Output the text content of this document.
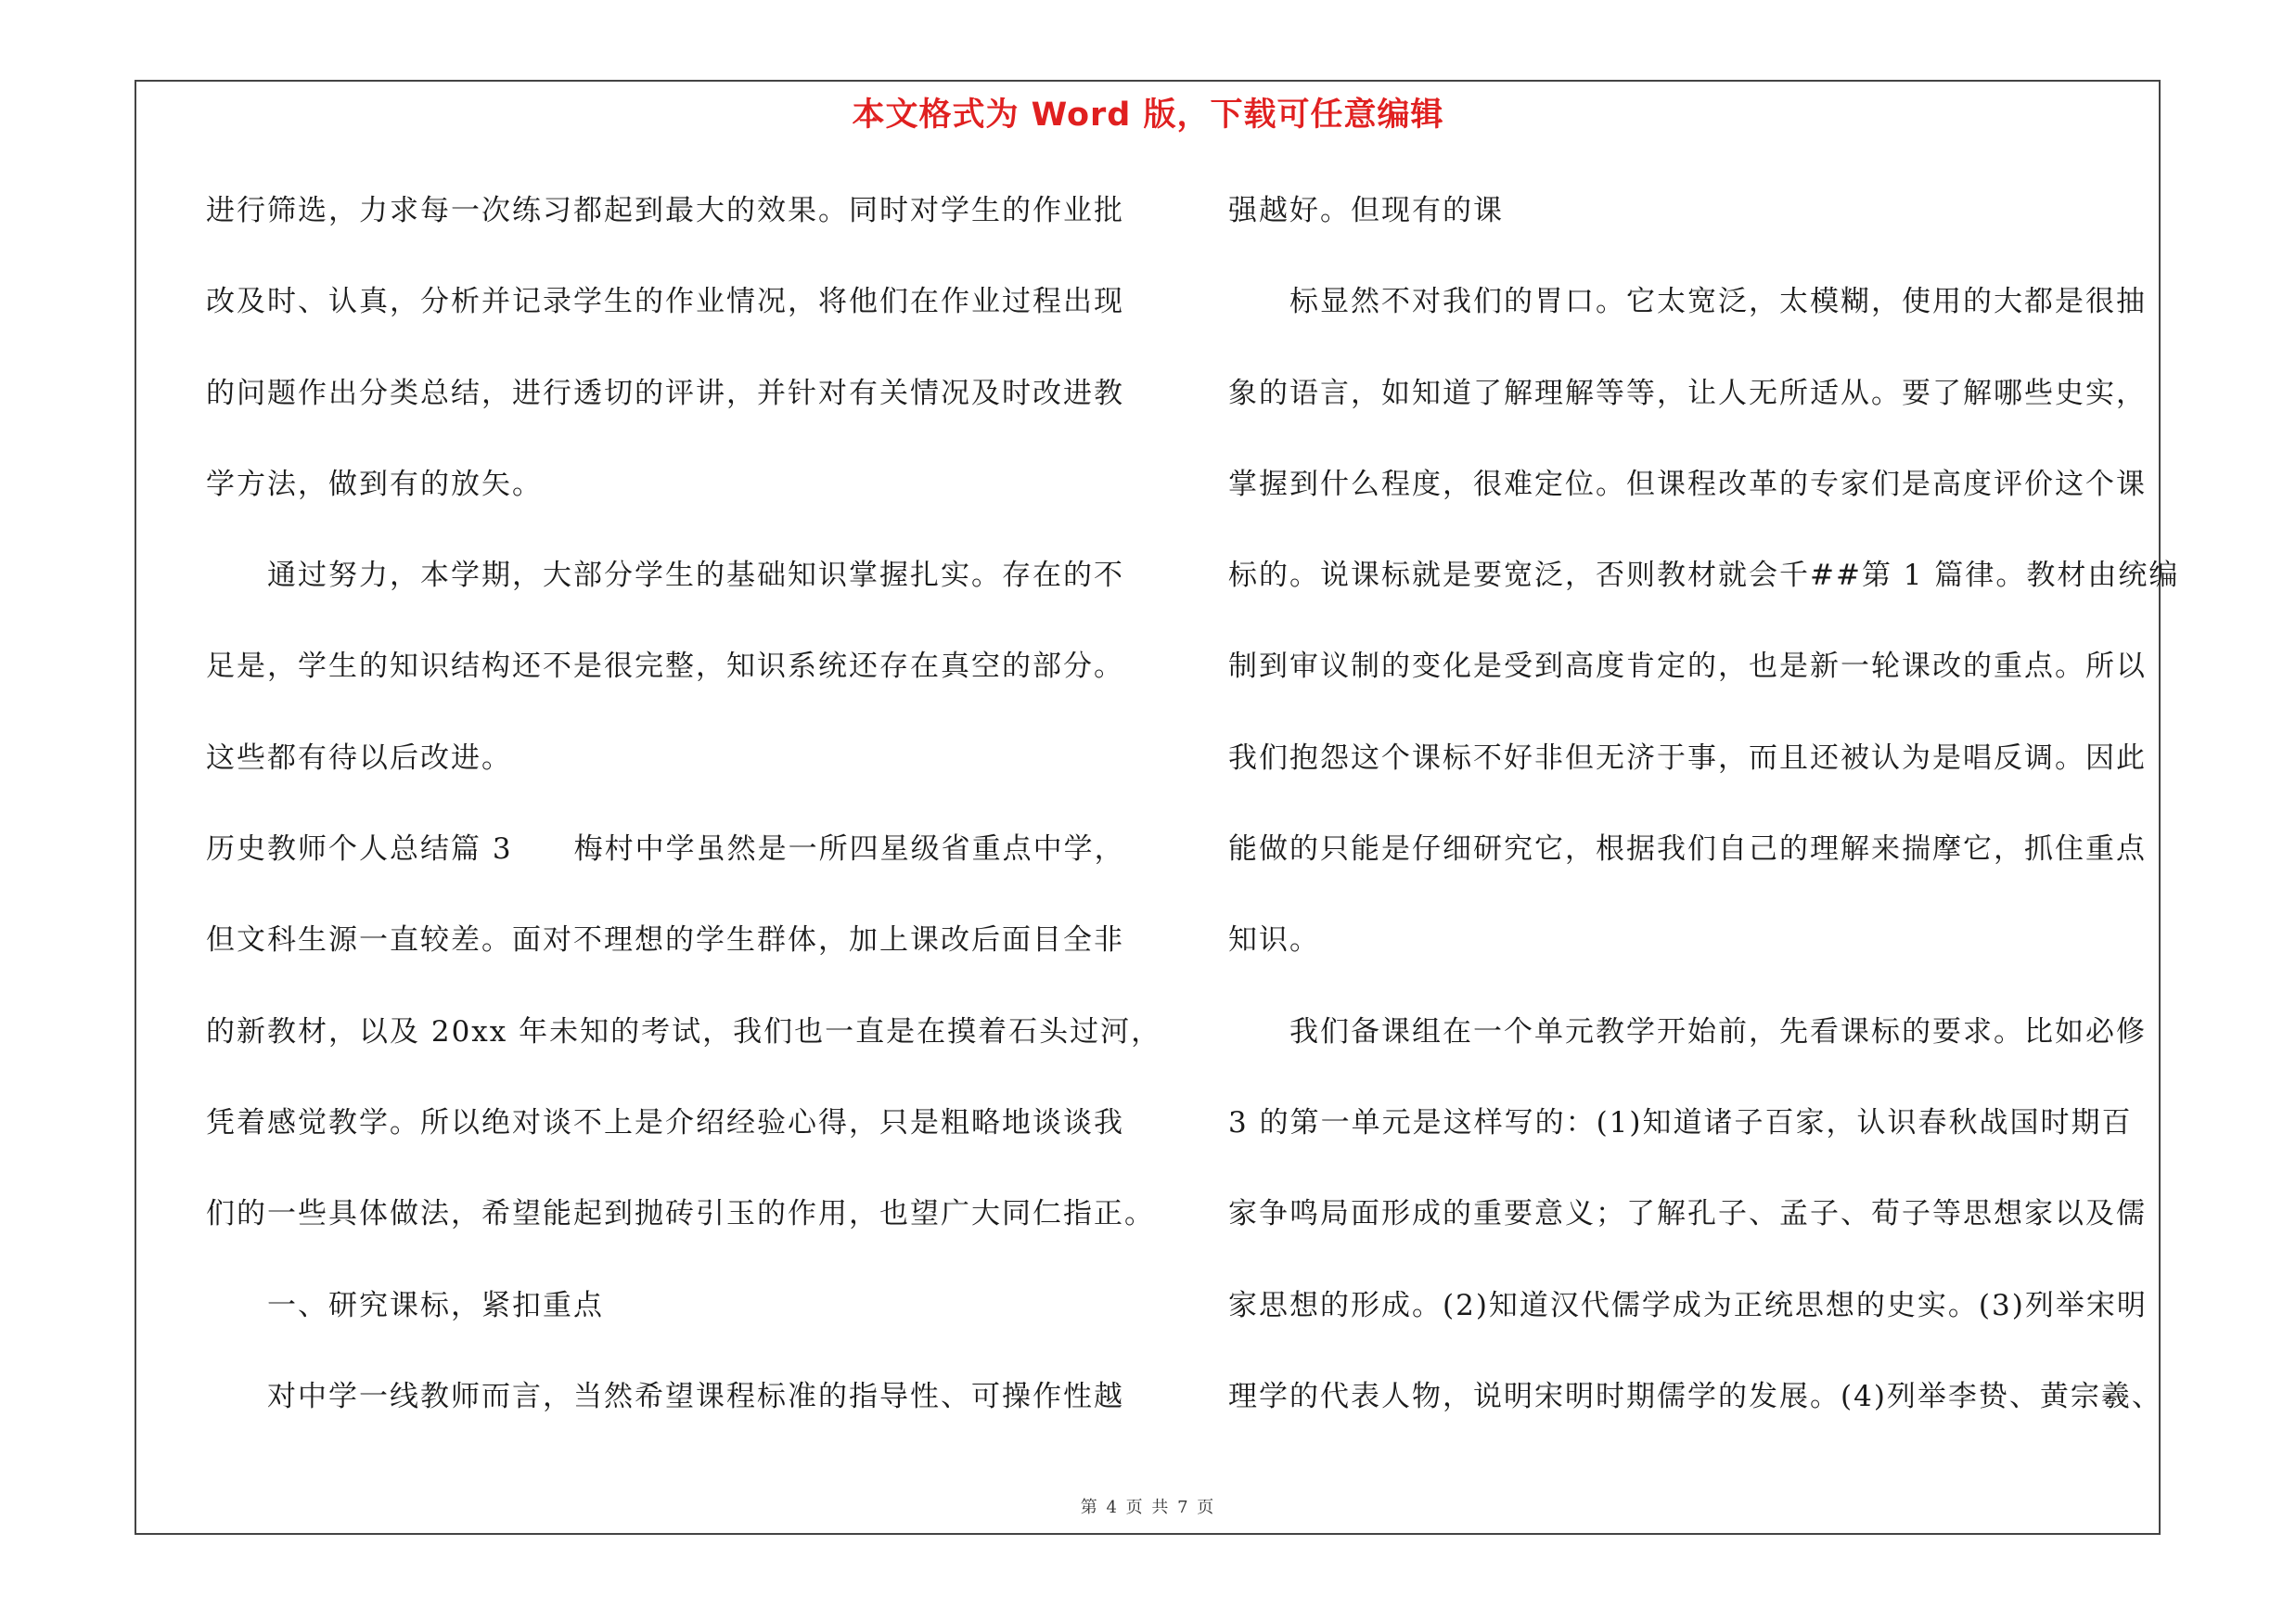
本文格式为 Word 版，下载可任意编辑
进行筛选，力求每一次练习都起到最大的效果。同时对学生的作业批
改及时、认真，分析并记录学生的作业情况，将他们在作业过程出现
的问题作出分类总结，进行透切的评讲，并针对有关情况及时改进教
学方法，做到有的放矢。
通过努力，本学期，大部分学生的基础知识掌握扎实。存在的不
足是，学生的知识结构还不是很完整，知识系统还存在真空的部分。
这些都有待以后改进。
历史教师个人总结篇 3　　梅村中学虽然是一所四星级省重点中学，
但文科生源一直较差。面对不理想的学生群体，加上课改后面目全非
的新教材，以及 20xx 年未知的考试，我们也一直是在摸着石头过河，
凭着感觉教学。所以绝对谈不上是介绍经验心得，只是粗略地谈谈我
们的一些具体做法，希望能起到抛砖引玉的作用，也望广大同仁指正。
一、研究课标，紧扣重点
对中学一线教师而言，当然希望课程标准的指导性、可操作性越
强越好。但现有的课
标显然不对我们的胃口。它太宽泛，太模糊，使用的大都是很抽
象的语言，如知道了解理解等等，让人无所适从。要了解哪些史实，
掌握到什么程度，很难定位。但课程改革的专家们是高度评价这个课
标的。说课标就是要宽泛，否则教材就会千##第 1 篇律。教材由统编
制到审议制的变化是受到高度肯定的，也是新一轮课改的重点。所以
我们抱怨这个课标不好非但无济于事，而且还被认为是唱反调。因此
能做的只能是仔细研究它，根据我们自己的理解来揣摩它，抓住重点
知识。
我们备课组在一个单元教学开始前，先看课标的要求。比如必修
3 的第一单元是这样写的：(1)知道诸子百家，认识春秋战国时期百
家争鸣局面形成的重要意义；了解孔子、孟子、荀子等思想家以及儒
家思想的形成。(2)知道汉代儒学成为正统思想的史实。(3)列举宋明
理学的代表人物，说明宋明时期儒学的发展。(4)列举李贽、黄宗羲、
第 4 页 共 7 页
